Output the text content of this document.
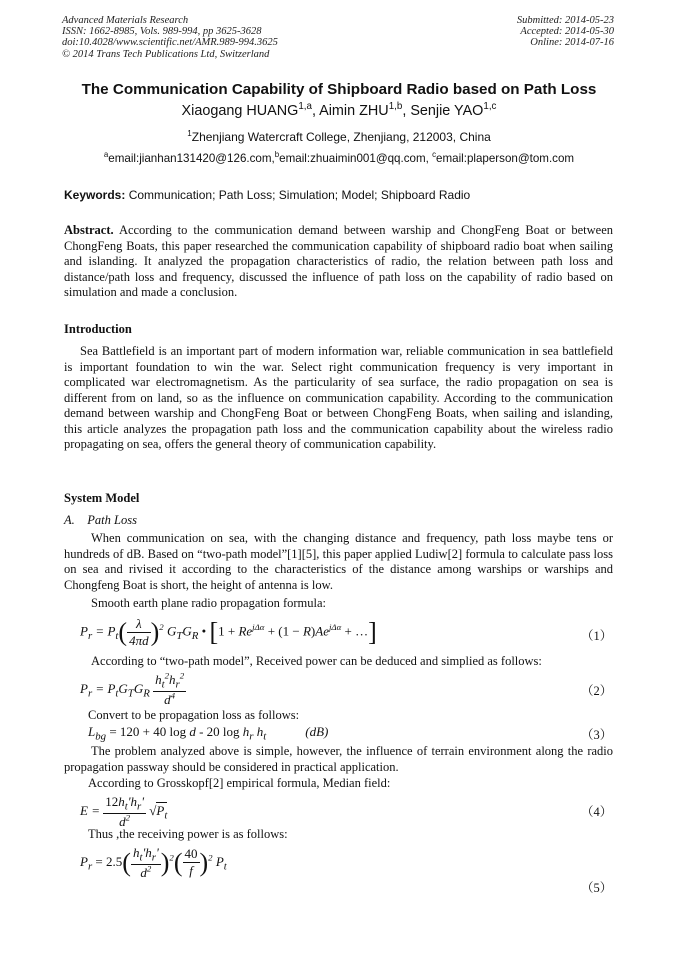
Advanced Materials Research
ISSN: 1662-8985, Vols. 989-994, pp 3625-3628
doi:10.4028/www.scientific.net/AMR.989-994.3625
© 2014 Trans Tech Publications Ltd, Switzerland
Submitted: 2014-05-23
Accepted: 2014-05-30
Online: 2014-07-16
The Communication Capability of Shipboard Radio based on Path Loss
Xiaogang HUANG$^{1,a}$, Aimin ZHU$^{1,b}$, Senjie YAO$^{1,c}$
$^1$Zhenjiang Watercraft College, Zhenjiang, 212003, China
$^a$email:jianhan131420@126.com,$^b$email:zhuaimin001@qq.com, $^c$email:plaperson@tom.com
Keywords: Communication; Path Loss; Simulation; Model; Shipboard Radio
Abstract. According to the communication demand between warship and ChongFeng Boat or between ChongFeng Boats, this paper researched the communication capability of shipboard radio boat when sailing and islanding. It analyzed the propagation characteristics of radio, the relation between path loss and distance/path loss and frequency, discussed the influence of path loss on the capability of radio based on simulation and made a conclusion.
Introduction
Sea Battlefield is an important part of modern information war, reliable communication in sea battlefield is important foundation to win the war. Select right communication frequency is very important in complicated war electromagnetism. As the particularity of sea surface, the radio propagation on sea is different from on land, so as the influence on communication capability. According to the communication demand between warship and ChongFeng Boat or between ChongFeng Boats, when sailing and islanding, this article analyzes the propagation path loss and the communication capability about the wireless radio propagating on sea, offers the general theory of communication capability.
System Model
A. Path Loss
When communication on sea, with the changing distance and frequency, path loss maybe tens or hundreds of dB. Based on “two-path model”[1][5], this paper applied Ludiw[2] formula to calculate pass loss on sea and rivised it according to the characteristics of the distance among warships or warships and Chongfeng Boat is short, the height of antenna is low.
Smooth earth plane radio propagation formula:
$P_r = P_t( \frac{\lambda}{4\pi d} )^2$ $G_TG_R$ • [$1 + Re^{j\Delta\alpha} + (1 - R)Ae^{j\Delta\alpha}$ + …]	（1）
According to “two-path model”, Received power can be deduced and simplied as follows:
$P_r = P_tG_TG_R \frac{h_t^2h_r^2}{d^4}$	（2）
Convert to be propagation loss as follows:
$L_{bg} = 120 + 40$ log d - 20 $\log h_r$ $h_t$            (dB)	（3）
The problem analyzed above is simple, however, the influence of terrain environment along the radio propagation passway should be considered in practical application.
According to Grosskopf[2] empirical formula, Median field:
$E = \frac{12h_t'h_r'}{d^2} √P_t$	（4）
Thus ,the receiving power is as follows:
$P_r = 2.5( \frac{h_t'h_r'}{d^2} )^2( \frac{40}{f} )^2$ $P_t$
（5）
